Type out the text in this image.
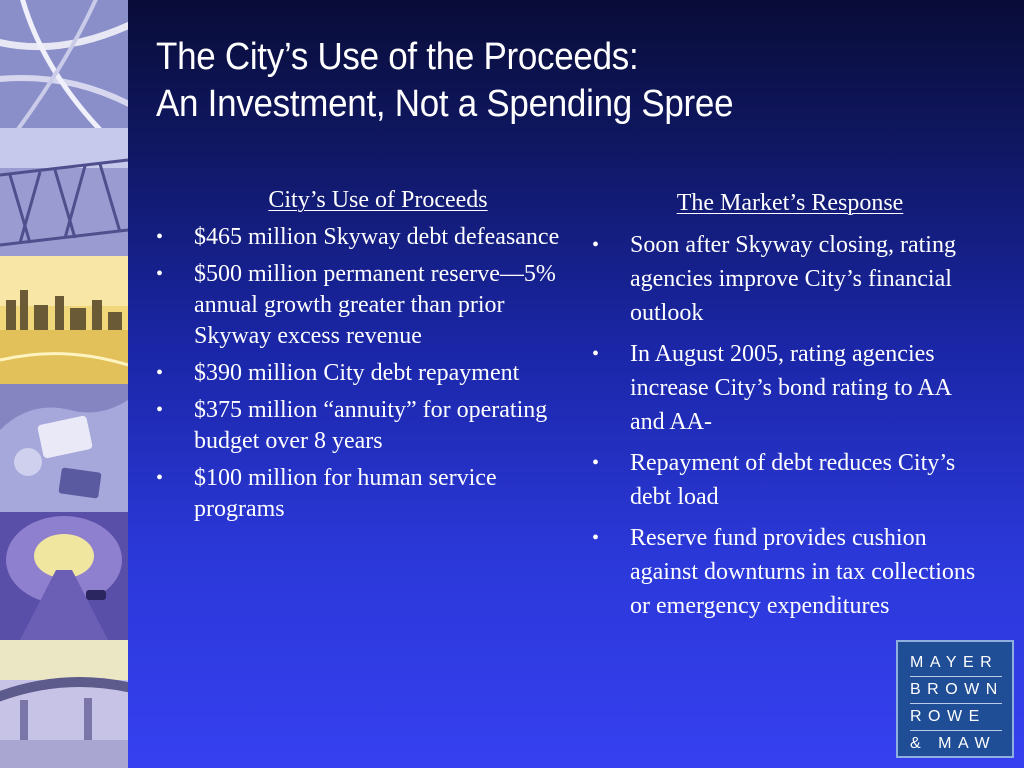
The City’s Use of the Proceeds:
An Investment, Not a Spending Spree
City’s Use of Proceeds
• $465 million Skyway debt defeasance
• $500 million permanent reserve—5% annual growth greater than prior Skyway excess revenue
• $390 million City debt repayment
• $375 million “annuity” for operating budget over 8 years
• $100 million for human service programs
The Market’s Response
• Soon after Skyway closing, rating agencies improve City’s financial outlook
• In August 2005, rating agencies increase City’s bond rating to AA and AA-
• Repayment of debt reduces City’s debt load
• Reserve fund provides cushion against downturns in tax collections or emergency expenditures
MAYER
BROWN
ROWE
& MAW
